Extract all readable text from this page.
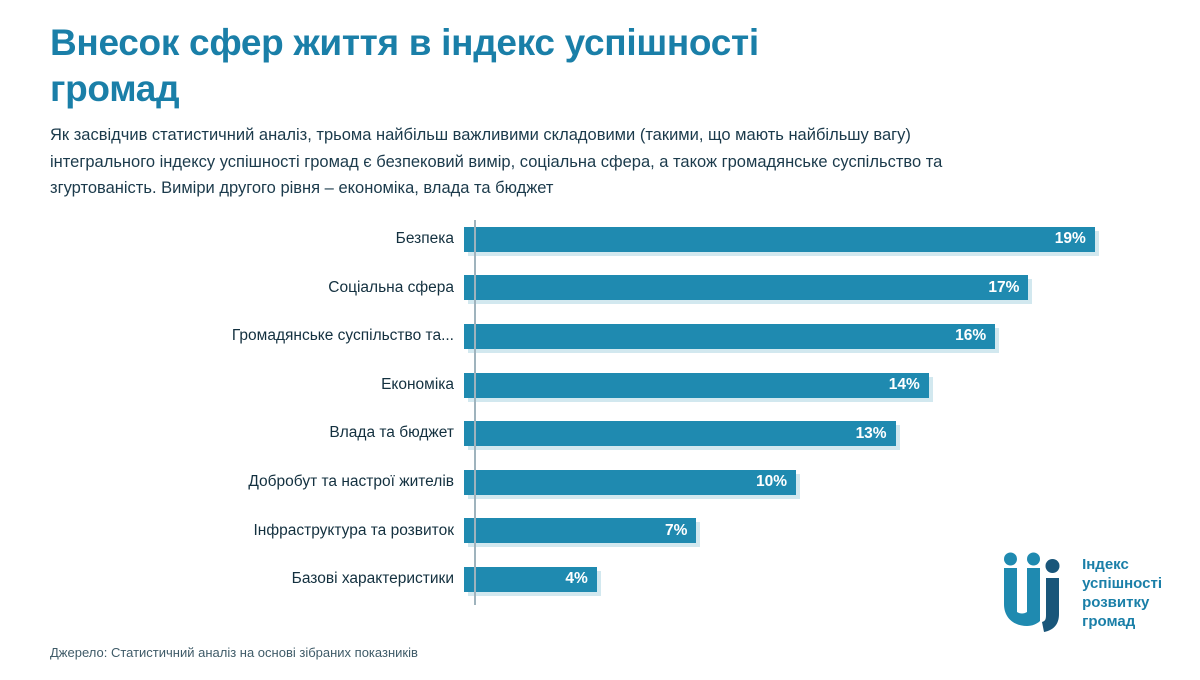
Внесок сфер життя в індекс успішності громад
Як засвідчив статистичний аналіз, трьома найбільш важливими складовими (такими, що мають найбільшу вагу) інтегрального індексу успішності громад є безпековий вимір, соціальна сфера, а також громадянське суспільство та згуртованість. Виміри другого рівня – економіка, влада та бюджет
Безпека	19%
Соціальна сфера	17%
Громадянське суспільство та...	16%
Економіка	14%
Влада та бюджет	13%
Добробут та настрої жителів	10%
Інфраструктура та розвиток	7%
Базові характеристики	4%
Джерело: Статистичний аналіз на основі зібраних показників
Індекс
успішності
розвитку
громад
